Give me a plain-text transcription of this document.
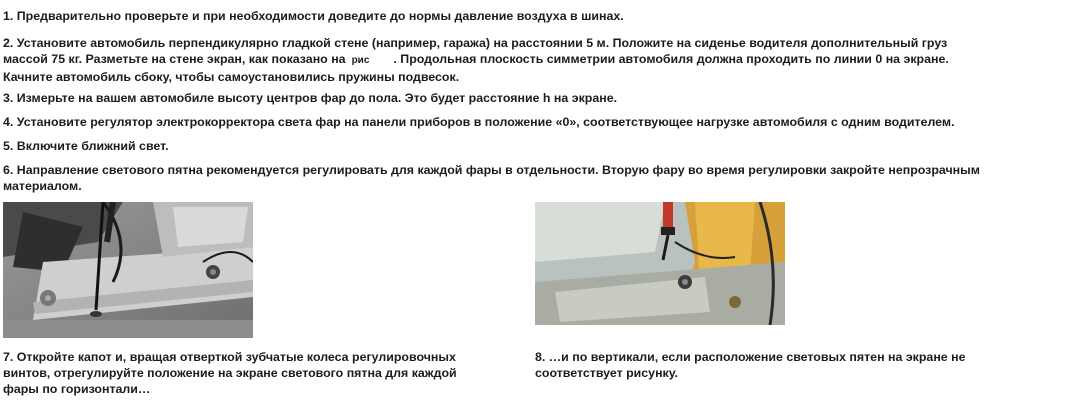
1. Предварительно проверьте и при необходимости доведите до нормы давление воздуха в шинах.

2. Установите автомобиль перпендикулярно гладкой стене (например, гаража) на расстоянии 5 м. Положите на сиденье водителя дополнительный груз
массой 75 кг. Разметьте на стене экран, как показано на рис . Продольная плоскость симметрии автомобиля должна проходить по линии 0 на экране.
Качните автомобиль сбоку, чтобы самоустановились пружины подвесок.

3. Измерьте на вашем автомобиле высоту центров фар до пола. Это будет расстояние h на экране.

4. Установите регулятор электрокорректора света фар на панели приборов в положение «0», соответствующее нагрузке автомобиля с одним водителем.

5. Включите ближний свет.

6. Направление светового пятна рекомендуется регулировать для каждой фары в отдельности. Вторую фару во время регулировки закройте непрозрачным
материалом.
7. Откройте капот и, вращая отверткой зубчатые колеса регулировочных
винтов, отрегулируйте положение на экране светового пятна для каждой
фары по горизонтали…
8. …и по вертикали, если расположение световых пятен на экране не
соответствует рисунку.
